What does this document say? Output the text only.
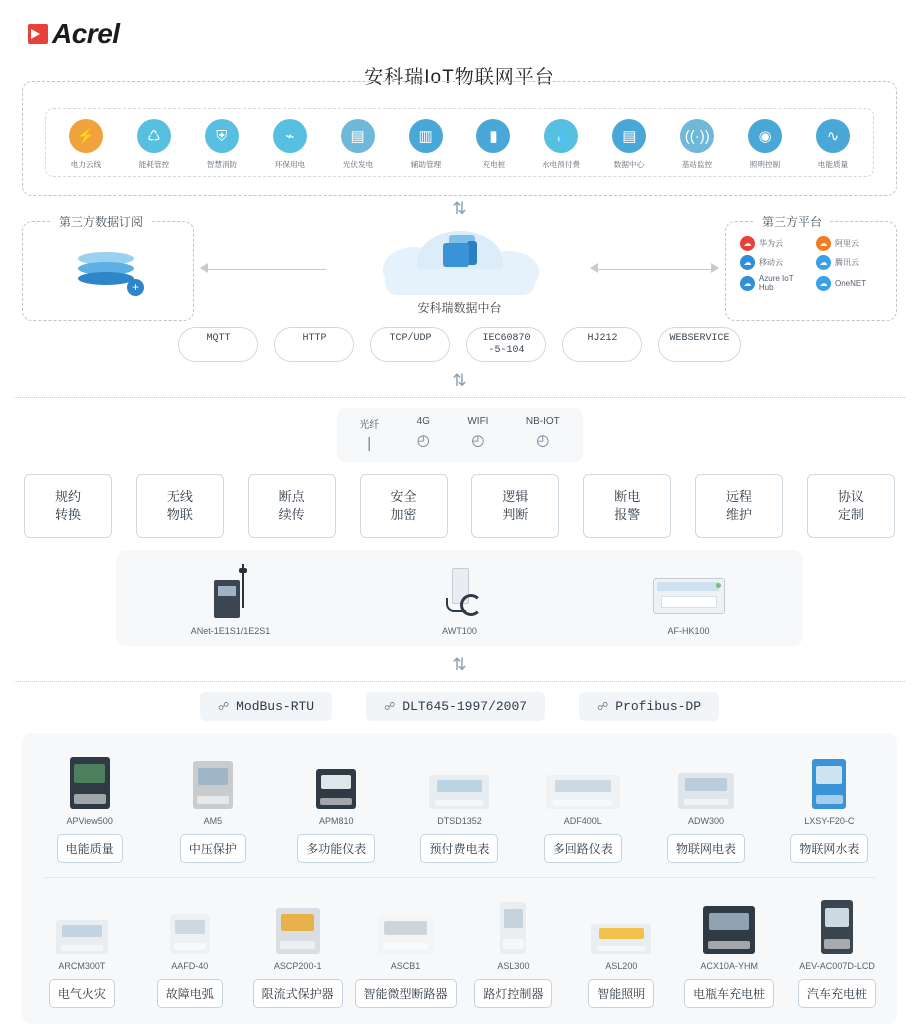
Acrel
安科瑞IoT物联网平台
⚡
电力云线
♺
能耗管控
⛨
智慧消防
⌁
环保用电
▤
光伏发电
▥
辅助管理
▮
充电桩
💧
水电预付费
▤
数据中心
((·))
基站监控
◉
照明控制
∿
电能质量
⇅
第三方数据订阅
+
安科瑞数据中台
第三方平台
☁ 华为云	☁ 阿里云
☁ 移动云	☁ 腾讯云
☁ Azure IoT Hub	☁ OneNET
MQTT	HTTP	TCP/UDP	IEC60870
-5-104
HJ212	WEBSERVICE
⇅
光纤
|
4G
◴
WIFI
◴
NB-IOT
◴
规约
转换
无线
物联
断点
续传
安全
加密
逻辑
判断
断电
报警
远程
维护
协议
定制
ANet-1E1S1/1E2S1	AWT100	AF-HK100
⇅
☍ ModBus-RTU	☍ DLT645-1997/2007	☍ Profibus-DP
APView500
电能质量
AM5
中压保护
APM810
多功能仪表
DTSD1352
预付费电表
ADF400L
多回路仪表
ADW300
物联网电表
LXSY-F20-C
物联网水表
ARCM300T
电气火灾
AAFD-40
故障电弧
ASCP200-1
限流式保护器
ASCB1
智能微型断路器
ASL300
路灯控制器
ASL200
智能照明
ACX10A-YHM
电瓶车充电桩
AEV-AC007D-LCD
汽车充电桩
